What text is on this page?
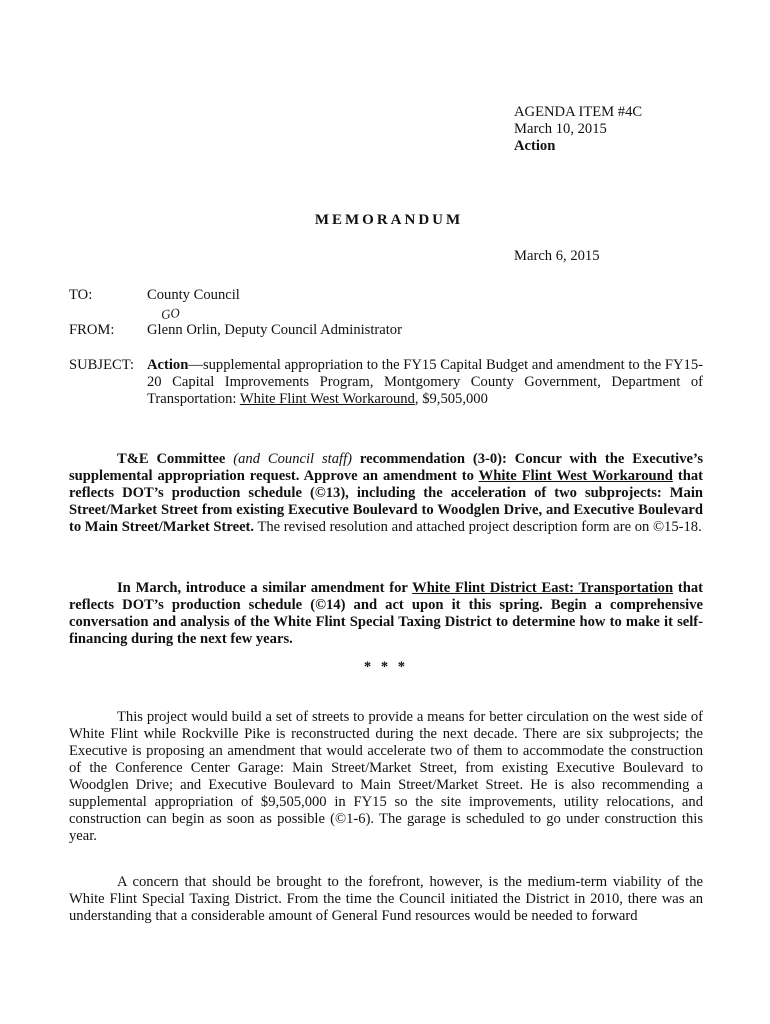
AGENDA ITEM #4C
March 10, 2015
Action
MEMORANDUM
March 6, 2015
TO:	County Council
GO
FROM: Glenn Orlin, Deputy Council Administrator
SUBJECT: Action—supplemental appropriation to the FY15 Capital Budget and amendment to the FY15-20 Capital Improvements Program, Montgomery County Government, Department of Transportation: White Flint West Workaround, $9,505,000
T&E Committee (and Council staff) recommendation (3-0): Concur with the Executive’s supplemental appropriation request. Approve an amendment to White Flint West Workaround that reflects DOT’s production schedule (©13), including the acceleration of two subprojects: Main Street/Market Street from existing Executive Boulevard to Woodglen Drive, and Executive Boulevard to Main Street/Market Street. The revised resolution and attached project description form are on ©15-18.
In March, introduce a similar amendment for White Flint District East: Transportation that reflects DOT’s production schedule (©14) and act upon it this spring. Begin a comprehensive conversation and analysis of the White Flint Special Taxing District to determine how to make it self-financing during the next few years.
* * *
This project would build a set of streets to provide a means for better circulation on the west side of White Flint while Rockville Pike is reconstructed during the next decade. There are six subprojects; the Executive is proposing an amendment that would accelerate two of them to accommodate the construction of the Conference Center Garage: Main Street/Market Street, from existing Executive Boulevard to Woodglen Drive; and Executive Boulevard to Main Street/Market Street. He is also recommending a supplemental appropriation of $9,505,000 in FY15 so the site improvements, utility relocations, and construction can begin as soon as possible (©1-6). The garage is scheduled to go under construction this year.
A concern that should be brought to the forefront, however, is the medium-term viability of the White Flint Special Taxing District. From the time the Council initiated the District in 2010, there was an understanding that a considerable amount of General Fund resources would be needed to forward
